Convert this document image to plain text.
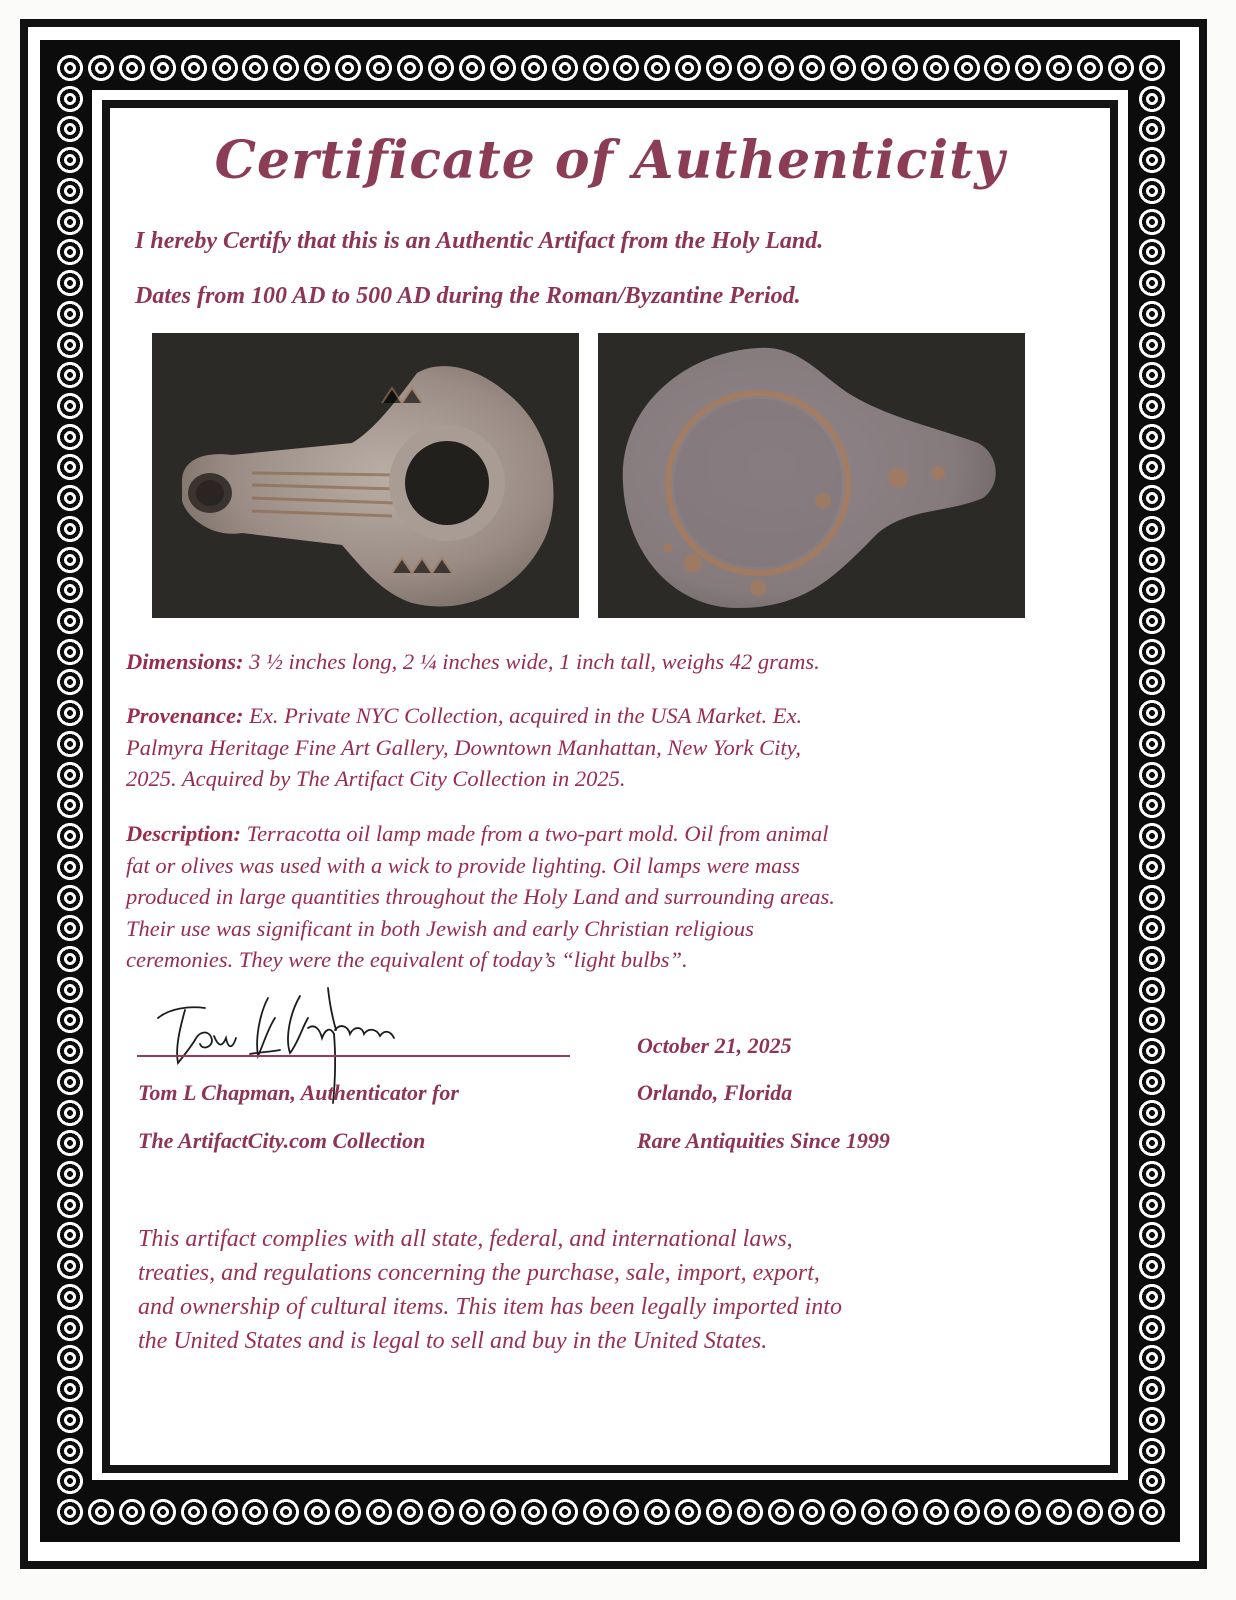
Certificate of Authenticity
I hereby Certify that this is an Authentic Artifact from the Holy Land.
Dates from 100 AD to 500 AD during the Roman/Byzantine Period.
Dimensions: 3 ½ inches long, 2 ¼ inches wide, 1 inch tall, weighs 42 grams.
Provenance: Ex. Private NYC Collection, acquired in the USA Market. Ex.
Palmyra Heritage Fine Art Gallery, Downtown Manhattan, New York City,
2025. Acquired by The Artifact City Collection in 2025.
Description: Terracotta oil lamp made from a two-part mold. Oil from animal
fat or olives was used with a wick to provide lighting. Oil lamps were mass
produced in large quantities throughout the Holy Land and surrounding areas.
Their use was significant in both Jewish and early Christian religious
ceremonies. They were the equivalent of today’s “light bulbs”.
Tom L Chapman, Authenticator for
The ArtifactCity.com Collection
October 21, 2025
Orlando, Florida
Rare Antiquities Since 1999
This artifact complies with all state, federal, and international laws,
treaties, and regulations concerning the purchase, sale, import, export,
and ownership of cultural items. This item has been legally imported into
the United States and is legal to sell and buy in the United States.
